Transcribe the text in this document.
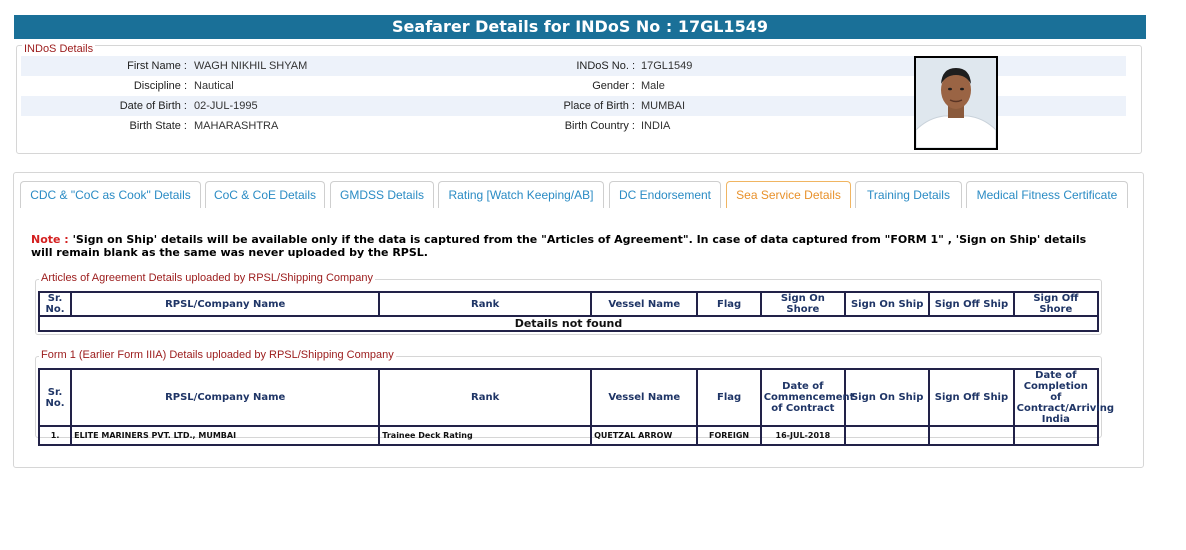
Seafarer Details for INDoS No : 17GL1549
INDoS Details
First Name : WAGH NIKHIL SHYAM	INDoS No. : 17GL1549
Discipline : Nautical	Gender : Male
Date of Birth : 02-JUL-1995	Place of Birth : MUMBAI
Birth State : MAHARASHTRA	Birth Country : INDIA
CDC & "CoC as Cook" Details	CoC & CoE Details	GMDSS Details	Rating [Watch Keeping/AB]	DC Endorsement	Sea Service Details	Training Details	Medical Fitness Certificate
Note : 'Sign on Ship' details will be available only if the data is captured from the "Articles of Agreement". In case of data captured from "FORM 1" , 'Sign on Ship' details will remain blank as the same was never uploaded by the RPSL.
Articles of Agreement Details uploaded by RPSL/Shipping Company
Sr. No.	RPSL/Company Name	Rank	Vessel Name	Flag	Sign On Shore	Sign On Ship	Sign Off Ship	Sign Off Shore
Details not found
Form 1 (Earlier Form IIIA) Details uploaded by RPSL/Shipping Company
Sr. No.	RPSL/Company Name	Rank	Vessel Name	Flag	Date of Commencement of Contract	Sign On Ship	Sign Off Ship	Date of Completion of Contract/Arriving India
1.	ELITE MARINERS PVT. LTD., MUMBAI	Trainee Deck Rating	QUETZAL ARROW	FOREIGN	16-JUL-2018			
